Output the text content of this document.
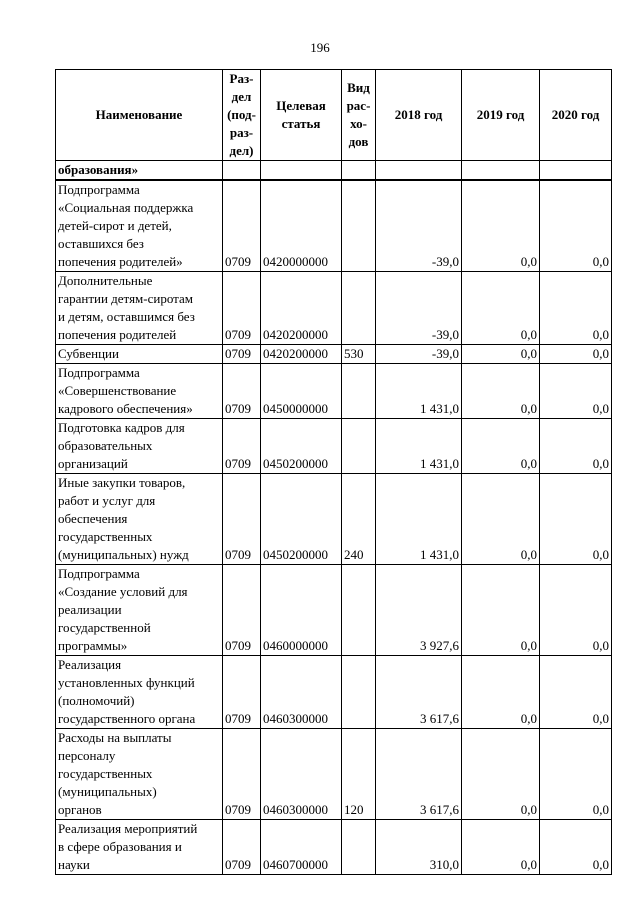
196
Наименование	Раз-
дел
(под-
раз-
дел)	Целевая
статья	Вид
рас-
хо-
дов	2018 год	2019 год	2020 год
образования»						
Подпрограмма
«Социальная поддержка
детей-сирот и детей,
оставшихся без
попечения родителей»	0709	0420000000		-39,0	0,0	0,0
Дополнительные
гарантии детям-сиротам
и детям, оставшимся без
попечения родителей	0709	0420200000		-39,0	0,0	0,0
Субвенции	0709	0420200000	530	-39,0	0,0	0,0
Подпрограмма
«Совершенствование
кадрового обеспечения»	0709	0450000000		1 431,0	0,0	0,0
Подготовка кадров для
образовательных
организаций	0709	0450200000		1 431,0	0,0	0,0
Иные закупки товаров,
работ и услуг для
обеспечения
государственных
(муниципальных) нужд	0709	0450200000	240	1 431,0	0,0	0,0
Подпрограмма
«Создание условий для
реализации
государственной
программы»	0709	0460000000		3 927,6	0,0	0,0
Реализация
установленных функций
(полномочий)
государственного органа	0709	0460300000		3 617,6	0,0	0,0
Расходы на выплаты
персоналу
государственных
(муниципальных)
органов	0709	0460300000	120	3 617,6	0,0	0,0
Реализация мероприятий
в сфере образования и
науки	0709	0460700000		310,0	0,0	0,0
